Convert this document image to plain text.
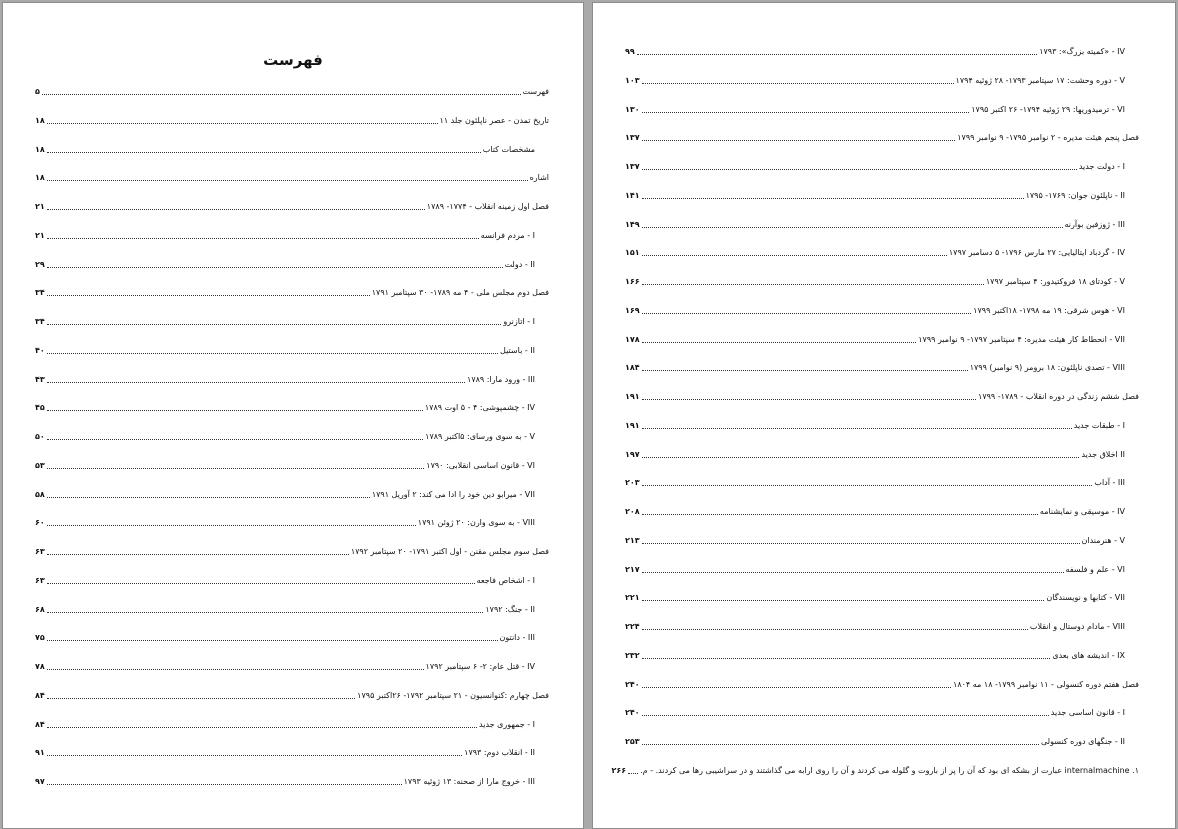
فهرست
فهرست
۵
تاریخ تمدن - عصر ناپلئون جلد ۱۱
۱۸
مشخصات کتاب
۱۸
اشاره
۱۸
فصل اول زمینه انقلاب - ۱۷۷۴- ۱۷۸۹
۲۱
I - مردم فرانسه
۲۱
II - دولت
۲۹
فصل دوم مجلس ملی - ۴ مه ۱۷۸۹- ۳۰ سپتامبر ۱۷۹۱
۳۴
I - اتازنرو
۳۴
II - باستیل
۴۰
III - ورود مارا: ۱۷۸۹
۴۳
IV - چشمپوشی: ۴ - ۵ اوت ۱۷۸۹
۴۵
V - به سوی ورسای: ۵اکتبر ۱۷۸۹
۵۰
VI - قانون اساسی انقلابی: ۱۷۹۰
۵۳
VII - میرابو دین خود را ادا می کند: ۲ آوریل ۱۷۹۱
۵۸
VIII - به سوی وارن: ۲۰ ژوئن ۱۷۹۱
۶۰
فصل سوم مجلس مقنن - اول اکتبر ۱۷۹۱- ۲۰ سپتامبر ۱۷۹۲
۶۳
I - اشخاص فاجعه
۶۳
II - جنگ: ۱۷۹۲
۶۸
III - دانتون
۷۵
IV - قتل عام: ۲- ۶ سپتامبر ۱۷۹۲
۷۸
فصل چهارم :کنوانسیون - ۲۱ سپتامبر ۱۷۹۲- ۲۶اکتبر ۱۷۹۵
۸۴
I - جمهوری جدید
۸۴
II - انقلاب دوم: ۱۷۹۳
۹۱
III - خروج مارا از صحنه: ۱۳ ژوئیه ۱۷۹۳
۹۷
IV - «کمیته بزرگ»: ۱۷۹۳
۹۹
V - دوره وحشت: ۱۷ سپتامبر ۱۷۹۳- ۲۸ ژوئیه ۱۷۹۴
۱۰۳
VI - ترمیدوریها: ۲۹ ژوئیه ۱۷۹۴- ۲۶ اکتبر ۱۷۹۵
۱۳۰
فصل پنجم هیئت مدیره - ۲ نوامبر ۱۷۹۵- ۹ نوامبر ۱۷۹۹
۱۳۷
I - دولت جدید
۱۳۷
II - ناپلئون جوان: ۱۷۶۹- ۱۷۹۵
۱۴۱
III - ژوزفین بوآرنه
۱۴۹
IV - گردباد ایتالیایی: ۲۷ مارس ۱۷۹۶- ۵ دسامبر ۱۷۹۷
۱۵۱
V - کودتای ۱۸ فروکتیدور: ۴ سپتامبر ۱۷۹۷
۱۶۶
VI - هوس شرقی: ۱۹ مه ۱۷۹۸- ۱۸اکتبر ۱۷۹۹
۱۶۹
VII - انحطاط کار هیئت مدیره: ۴ سپتامبر ۱۷۹۷- ۹ نوامبر ۱۷۹۹
۱۷۸
VIII - تصدی ناپلئون: ۱۸ برومر (۹ نوامبر) ۱۷۹۹
۱۸۴
فصل ششم زندگی در دوره انقلاب - ۱۷۸۹- ۱۷۹۹
۱۹۱
I - طبقات جدید
۱۹۱
II اخلاق جدید
۱۹۷
III - آداب
۲۰۳
IV - موسیقی و نمایشنامه
۲۰۸
V - هنرمندان
۲۱۳
VI - علم و فلسفه
۲۱۷
VII - کتابها و نویسندگان
۲۲۱
VIII - مادام دوستال و انقلاب
۲۲۴
IX - اندیشه های بعدی
۲۳۲
فصل هفتم دوره کنسولی - ۱۱ نوامبر ۱۷۹۹- ۱۸ مه ۱۸۰۴
۲۴۰
I - قانون اساسی جدید
۲۴۰
II - جنگهای دوره کنسولی
۲۵۳
۱. internalmachine عبارت از بشکه ای بود که آن را پر از باروت و گلوله می کردند و آن را روی ارابه می گذاشتند و در سراشیبی رها می کردند. - م.
۲۶۶
